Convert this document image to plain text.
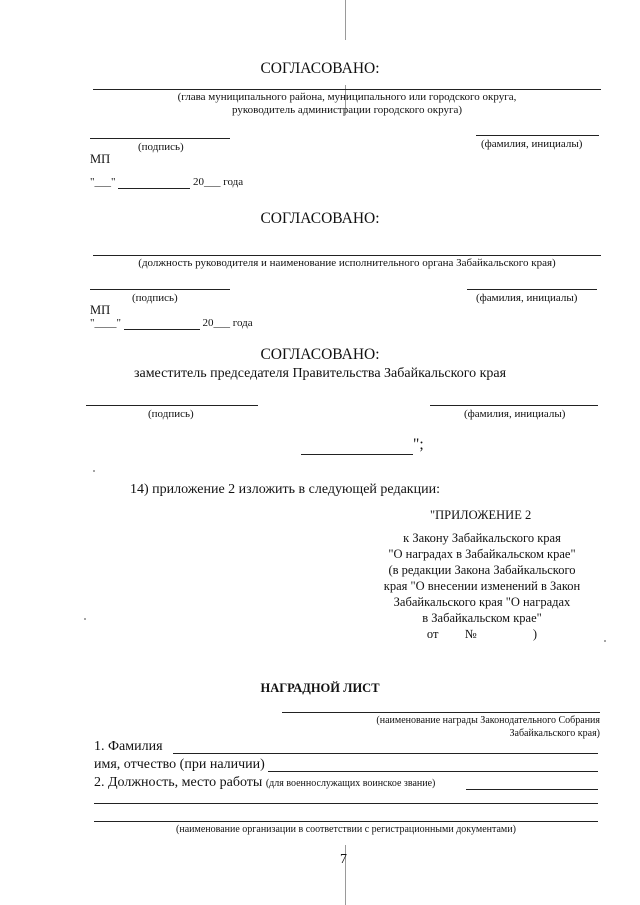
СОГЛАСОВАНО:
(глава муниципального района, муниципального или городского округа,
руководитель администрации городского округа)
(подпись)	(фамилия, инициалы)
МП
"___"	20___ года
СОГЛАСОВАНО:
(должность руководителя и наименование исполнительного органа Забайкальского края)
(подпись)	(фамилия, инициалы)
МП
"____"	20___ года
СОГЛАСОВАНО:
заместитель председателя Правительства Забайкальского края
(подпись)	(фамилия, инициалы)
";
14) приложение 2 изложить в следующей редакции:
"ПРИЛОЖЕНИЕ 2
к Закону Забайкальского края
"О наградах в Забайкальском крае"
(в редакции Закона Забайкальского
края "О внесении изменений в Закон
Забайкальского края "О наградах
в Забайкальском крае"
от №	)
НАГРАДНОЙ ЛИСТ
(наименование награды Законодательного Собрания
Забайкальского края)
1. Фамилия
имя, отчество (при наличии)
2. Должность, место работы (для военнослужащих воинское звание)
(наименование организации в соответствии с регистрационными документами)
7
